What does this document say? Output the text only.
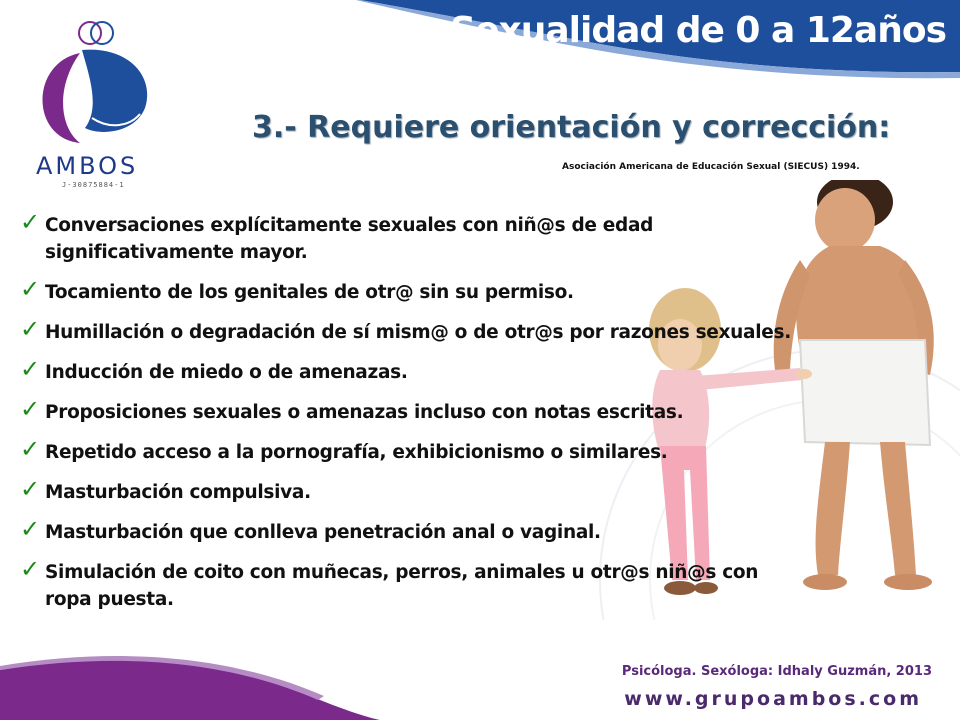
Sexualidad de 0 a 12años
AMBOS
J-30875884-1
3.- Requiere orientación y corrección:
Asociación Americana de Educación Sexual (SIECUS) 1994.
✓ Conversaciones explícitamente sexuales con niñ@s de edad
significativamente mayor.
✓ Tocamiento de los genitales de otr@ sin su permiso.
✓ Humillación o degradación de sí mism@ o de otr@s por razones sexuales.
✓ Inducción de miedo o de amenazas.
✓ Proposiciones sexuales o amenazas incluso con notas escritas.
✓ Repetido acceso a la pornografía, exhibicionismo o similares.
✓ Masturbación compulsiva.
✓ Masturbación que conlleva penetración anal o vaginal.
✓ Simulación de coito con muñecas, perros, animales u otr@s niñ@s con
ropa puesta.
Psicóloga. Sexóloga: Idhaly Guzmán, 2013
www.grupoambos.com
